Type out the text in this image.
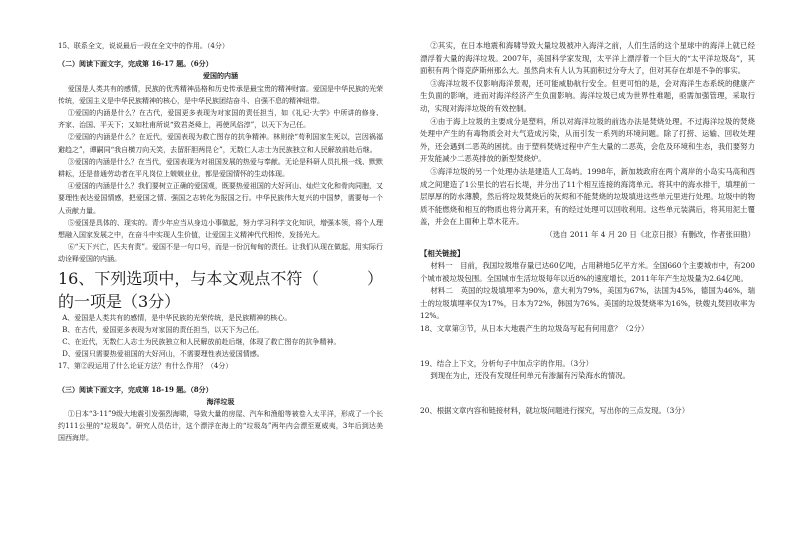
15、联系全文，说说最后一段在全文中的作用。（4分）

（二）阅读下面文字，完成第 16-17 题。（6分）

爱国的内涵

爱国是人类共有的感情，民族的优秀精神品格和历史传承是最宝贵的精神财富。爱国是中华民族的光荣传统，爱国主义是中华民族精神的核心，是中华民族团结奋斗、自强不息的精神纽带。

①爱国的内涵是什么？在古代，爱国更多表现为对家国的责任担当，如《礼记·大学》中所讲的修身、齐家、治国、平天下；又如杜甫所说“致君尧舜上，再使风俗淳”，以天下为己任。

②爱国的内涵是什么？在近代，爱国表现为救亡图存的抗争精神。林则徐“苟利国家生死以，岂因祸福避趋之”，谭嗣同“我自横刀向天笑，去留肝胆两昆仑”，无数仁人志士为民族独立和人民解放前赴后继。

③爱国的内涵是什么？在当代，爱国表现为对祖国发展的热爱与奉献。无论是科研人员扎根一线、默默耕耘，还是普通劳动者在平凡岗位上兢兢业业，都是爱国情怀的生动体现。

④爱国的内涵是什么？我们要树立正确的爱国观，既要热爱祖国的大好河山、灿烂文化和骨肉同胞，又要理性表达爱国情感，把爱国之情、强国之志转化为报国之行。中华民族伟大复兴的中国梦，需要每一个人贡献力量。

⑤爱国是具体的、现实的。青少年应当从身边小事做起，努力学习科学文化知识，增强本领，将个人理想融入国家发展之中，在奋斗中实现人生价值，让爱国主义精神代代相传，发扬光大。

⑥“天下兴亡，匹夫有责”。爱国不是一句口号，而是一份沉甸甸的责任。让我们从现在做起，用实际行动诠释爱国的内涵。

16、下列选项中，与本文观点不符的一项是（3分）
（　　　）

A、爱国是人类共有的感情，是中华民族的光荣传统，是民族精神的核心。

B、在古代，爱国更多表现为对家国的责任担当，以天下为己任。

C、在近代，无数仁人志士为民族独立和人民解放前赴后继，体现了救亡图存的抗争精神。

D、爱国只需要热爱祖国的大好河山，不需要理性表达爱国情感。

17、第②段运用了什么论证方法？有什么作用？（4分）

（三）阅读下面文字，完成第 18-19 题。（8分）

海洋垃圾

①日本“3·11”9级大地震引发强烈海啸，导致大量的房屋、汽车和渔船等被卷入太平洋，形成了一个长约111公里的“垃圾岛”。研究人员估计，这个漂浮在海上的“垃圾岛”两年内会漂至夏威夷，3年后到达美国西海岸。

②其实，在日本地震和海啸导致大量垃圾被冲入海洋之前，人们生活的这个星球中的海洋上就已经漂浮着大量的海洋垃圾。2007年，美国科学家发现，太平洋上漂浮着一个巨大的“太平洋垃圾岛”，其面积有两个得克萨斯州那么大。虽然尚未有人认为其面积过分夸大了，但对其存在却是不争的事实。

③海洋垃圾不仅影响海洋景观，还可能威胁航行安全。但更可怕的是，会对海洋生态系统的健康产生负面的影响，进而对海洋经济产生负面影响。海洋垃圾已成为世界性难题，亟需加强管理，采取行动，实现对海洋垃圾的有效控制。

④由于海上垃圾的主要成分是塑料，所以对海洋垃圾的前选办法是焚烧处理。不过海洋垃圾的焚烧处理中产生的有毒物质会对大气造成污染，从而引发一系列的环境问题。除了打捞、运输、回收处理外，还会遇到二恶英的困扰。由于塑料焚烧过程中产生大量的二恶英，会危及环境和生态，我们要努力开发能减少二恶英排放的新型焚烧炉。

⑤海洋垃圾的另一个处理办法是建造人工岛屿。1998年，新加坡政府在两个离岸的小岛实马高和西成之间建造了1公里长的岩石长堤，并分出了11个相互连接的海湾单元。将其中的海水排干，填埋前一层厚厚的防水薄膜，然后将垃圾焚烧后的灰烬和不能焚烧的垃圾填进这些单元里进行处理。垃圾中的物质不能燃烧和相互的物质也将分离开来，有的经过处理可以回收利用。这些单元装满后，将其用泥土覆盖，并会在上面种上草木花卉。

（选自 2011 年 4 月 20 日《北京日报》有删改，作者张田勘）

【相关链接】

材料一　目前，我国垃圾堆存量已达60亿吨，占用耕地5亿平方米。全国660个主要城市中，有200个城市被垃圾包围。全国城市生活垃圾每年以近8%的速度增长，2011年年产生垃圾量为2.64亿吨。

材料二　英国的垃圾填埋率为90%，意大利为79%，美国为67%，法国为45%，德国为46%，瑞士的垃圾填埋率仅为17%，日本为72%，韩国为76%。美国的垃圾焚烧率为16%，铁嫂丸焚回收率为12%。

18、文章第③节，从日本大地震产生的垃圾岛写起有何用意？（2分）

19、结合上下文，分析句子中加点字的作用。（3分）

到现在为止，还没有发现任何单元有渗漏有污染海水的情况。

20、根据文章内容和链接材料，就垃圾问题进行探究，写出你的三点发现。（3分）
